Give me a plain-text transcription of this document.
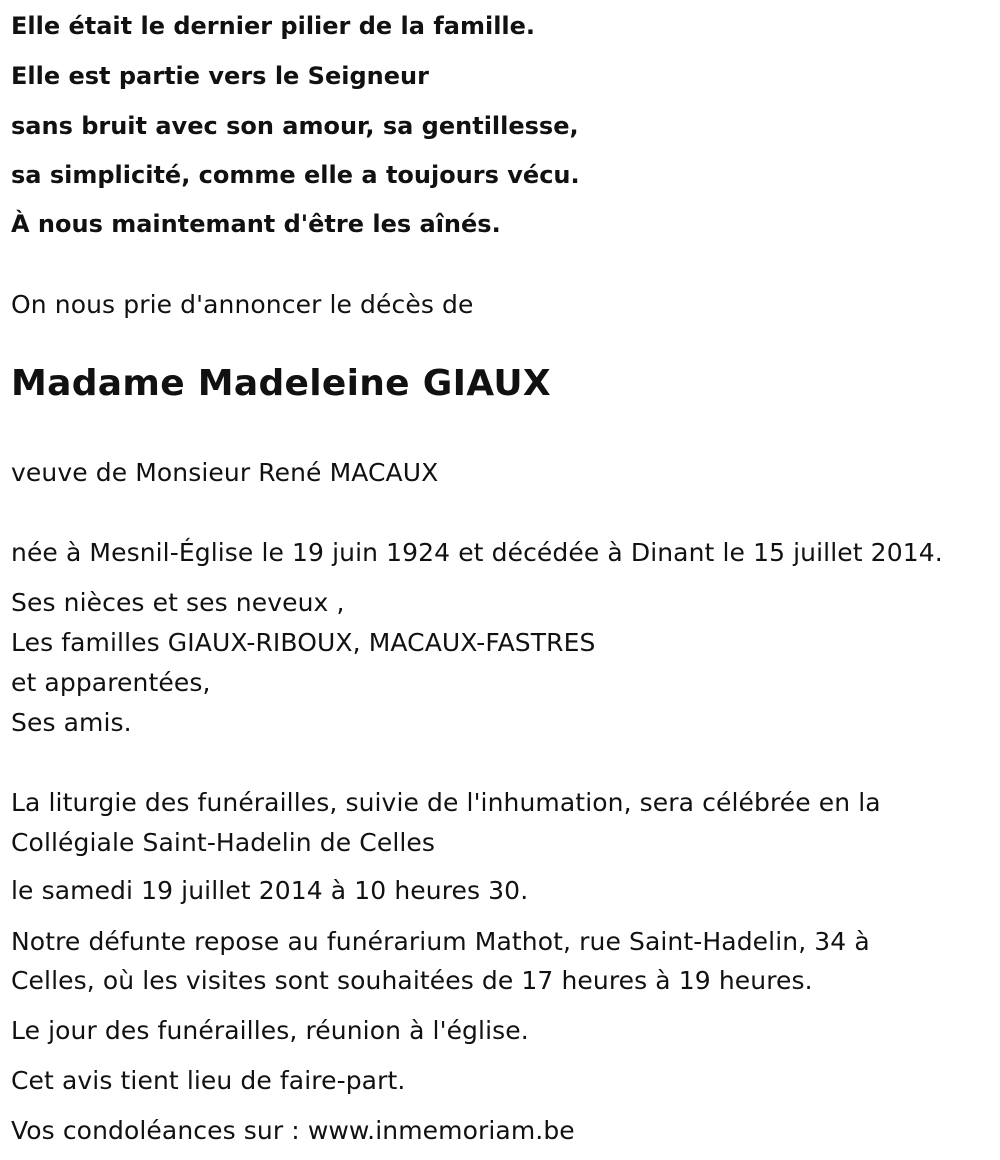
Elle était le dernier pilier de la famille.
Elle est partie vers le Seigneur
sans bruit avec son amour, sa gentillesse,
sa simplicité, comme elle a toujours vécu.
À nous maintemant d'être les aînés.
On nous prie d'annoncer le décès de
Madame Madeleine GIAUX
veuve de Monsieur René MACAUX
née à Mesnil-Église le 19 juin 1924 et décédée à Dinant le 15 juillet 2014.
Ses nièces et ses neveux ,
Les familles GIAUX-RIBOUX, MACAUX-FASTRES
et apparentées,
Ses amis.
La liturgie des funérailles, suivie de l'inhumation, sera célébrée en la
Collégiale Saint-Hadelin de Celles
le samedi 19 juillet 2014 à 10 heures 30.
Notre défunte repose au funérarium Mathot, rue Saint-Hadelin, 34 à
Celles, où les visites sont souhaitées de 17 heures à 19 heures.
Le jour des funérailles, réunion à l'église.
Cet avis tient lieu de faire-part.
Vos condoléances sur : www.inmemoriam.be
